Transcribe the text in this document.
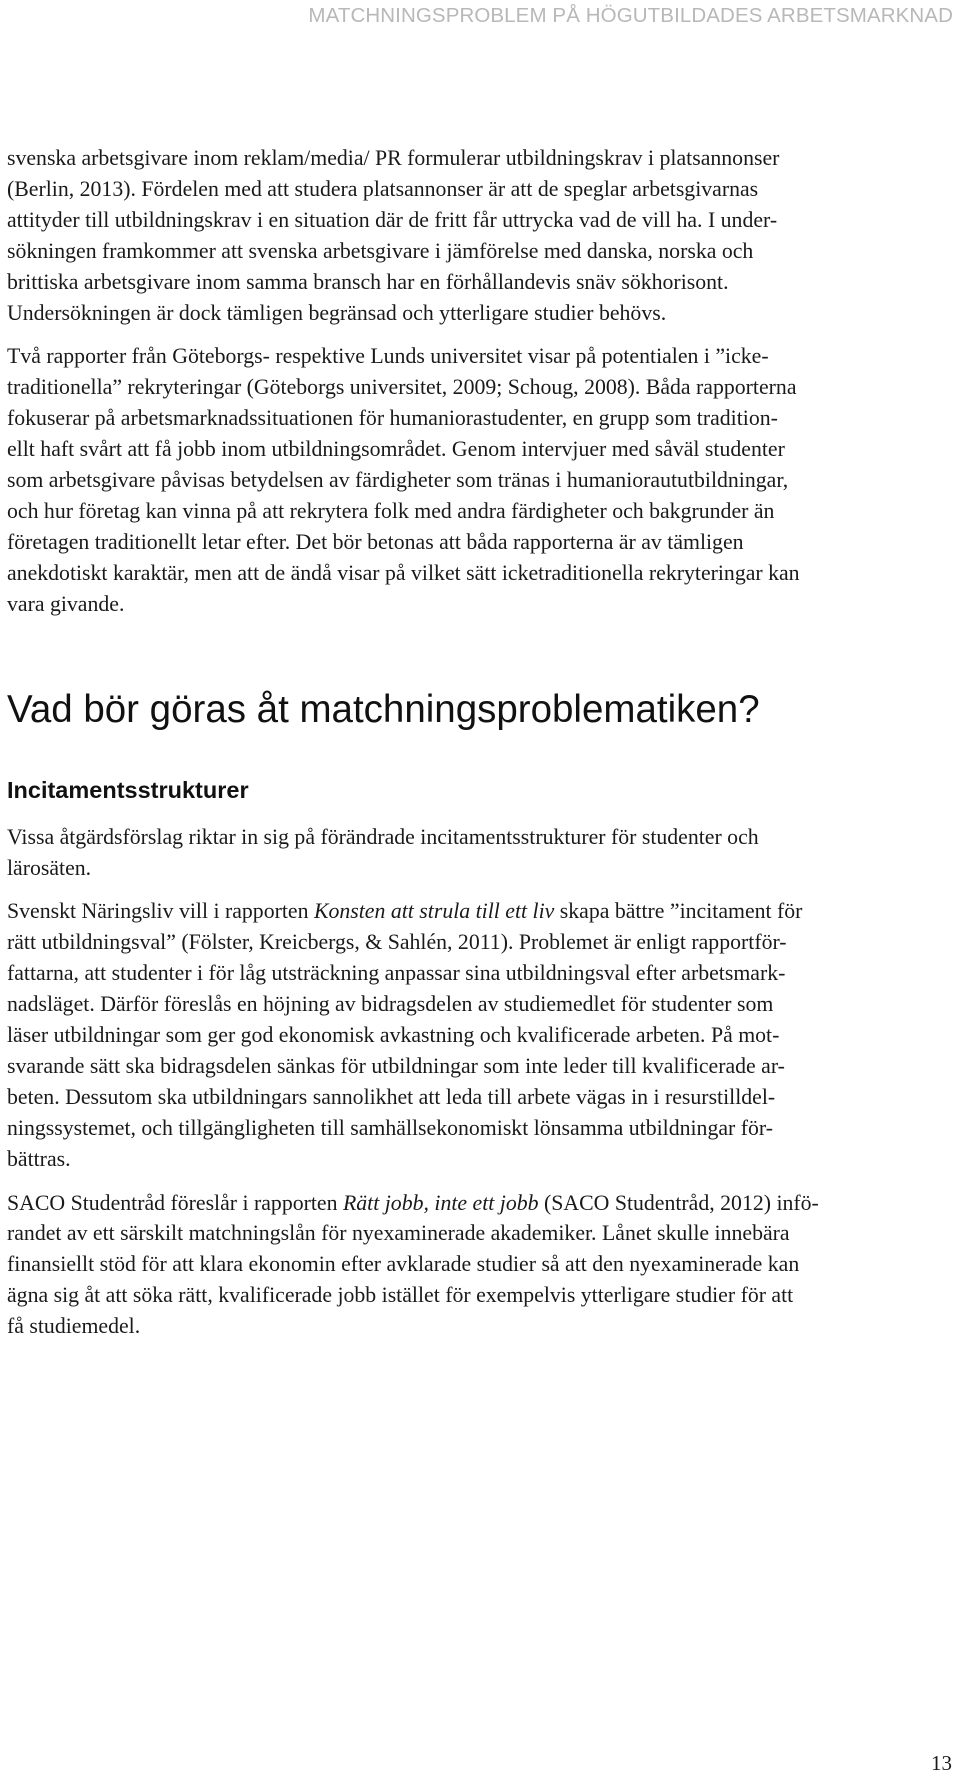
MATCHNINGSPROBLEM PÅ HÖGUTBILDADES ARBETSMARKNAD

svenska arbetsgivare inom reklam/media/ PR formulerar utbildningskrav i platsannonser
(Berlin, 2013). Fördelen med att studera platsannonser är att de speglar arbetsgivarnas
attityder till utbildningskrav i en situation där de fritt får uttrycka vad de vill ha. I under-
sökningen framkommer att svenska arbetsgivare i jämförelse med danska, norska och
brittiska arbetsgivare inom samma bransch har en förhållandevis snäv sökhorisont.
Undersökningen är dock tämligen begränsad och ytterligare studier behövs.

Två rapporter från Göteborgs- respektive Lunds universitet visar på potentialen i ”icke-
traditionella” rekryteringar (Göteborgs universitet, 2009; Schoug, 2008). Båda rapporterna
fokuserar på arbetsmarknadssituationen för humaniorastudenter, en grupp som tradition-
ellt haft svårt att få jobb inom utbildningsområdet. Genom intervjuer med såväl studenter
som arbetsgivare påvisas betydelsen av färdigheter som tränas i humanioraututbildningar,
och hur företag kan vinna på att rekrytera folk med andra färdigheter och bakgrunder än
företagen traditionellt letar efter. Det bör betonas att båda rapporterna är av tämligen
anekdotiskt karaktär, men att de ändå visar på vilket sätt icketraditionella rekryteringar kan
vara givande.

Vad bör göras åt matchningsproblematiken?
Incitamentsstrukturer

Vissa åtgärdsförslag riktar in sig på förändrade incitamentsstrukturer för studenter och
lärosäten.

Svenskt Näringsliv vill i rapporten Konsten att strula till ett liv skapa bättre ”incitament för
rätt utbildningsval” (Fölster, Kreicbergs, & Sahlén, 2011). Problemet är enligt rapportför-
fattarna, att studenter i för låg utsträckning anpassar sina utbildningsval efter arbetsmark-
nadsläget. Därför föreslås en höjning av bidragsdelen av studiemedlet för studenter som
läser utbildningar som ger god ekonomisk avkastning och kvalificerade arbeten. På mot-
svarande sätt ska bidragsdelen sänkas för utbildningar som inte leder till kvalificerade ar-
beten. Dessutom ska utbildningars sannolikhet att leda till arbete vägas in i resurstilldel-
ningssystemet, och tillgängligheten till samhällsekonomiskt lönsamma utbildningar för-
bättras.

SACO Studentråd föreslår i rapporten Rätt jobb, inte ett jobb (SACO Studentråd, 2012) infö-
randet av ett särskilt matchningslån för nyexaminerade akademiker. Lånet skulle innebära
finansiellt stöd för att klara ekonomin efter avklarade studier så att den nyexaminerade kan
ägna sig åt att söka rätt, kvalificerade jobb istället för exempelvis ytterligare studier för att
få studiemedel.

13
